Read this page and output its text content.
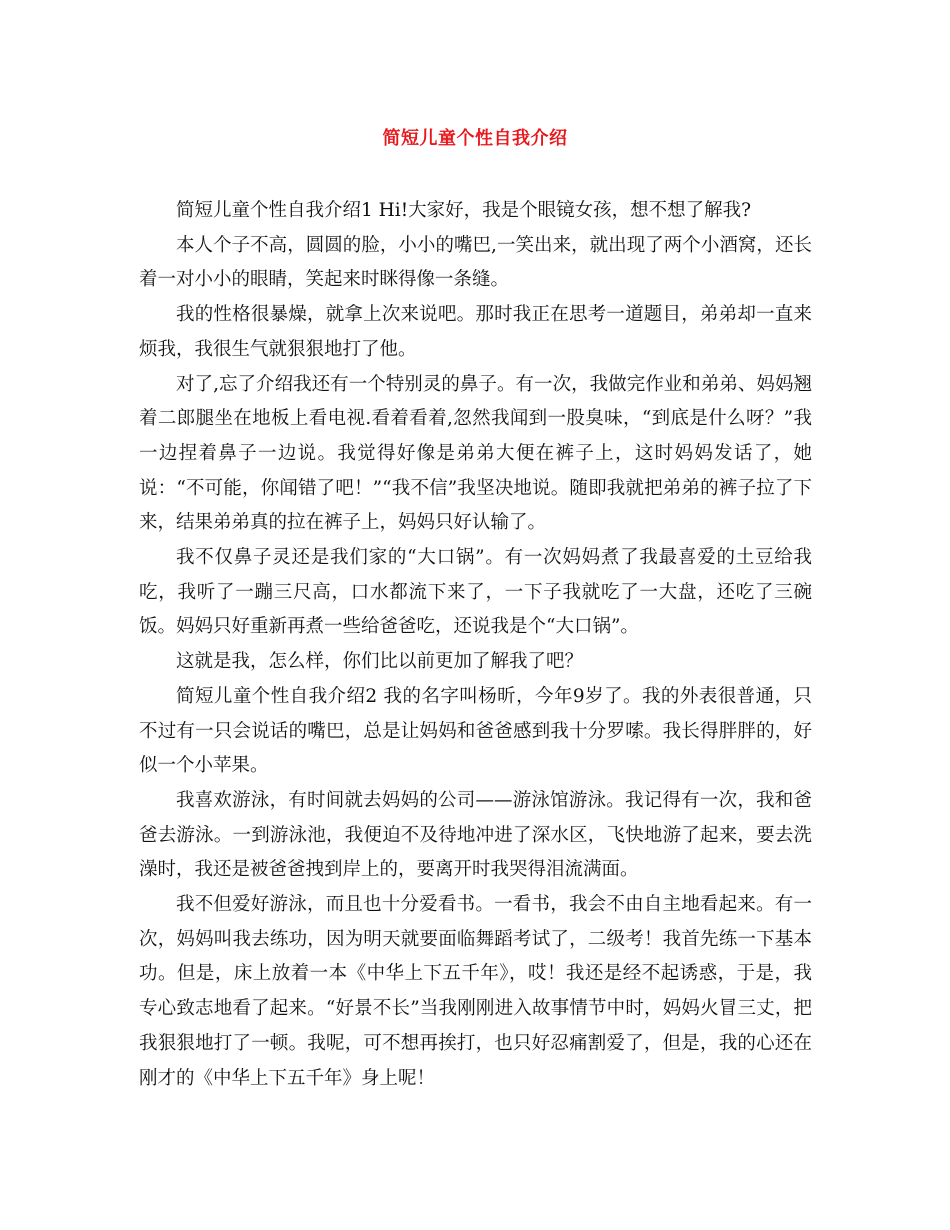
简短儿童个性自我介绍

简短儿童个性自我介绍1 Hi!大家好，我是个眼镜女孩，想不想了解我?

本人个子不高，圆圆的脸，小小的嘴巴,一笑出来，就出现了两个小酒窝，还长着一对小小的眼睛，笑起来时眯得像一条缝。

我的性格很暴燥，就拿上次来说吧。那时我正在思考一道题目，弟弟却一直来烦我，我很生气就狠狠地打了他。

对了,忘了介绍我还有一个特别灵的鼻子。有一次，我做完作业和弟弟、妈妈翘着二郎腿坐在地板上看电视.看着看着,忽然我闻到一股臭味，“到底是什么呀？”我一边捏着鼻子一边说。我觉得好像是弟弟大便在裤子上，这时妈妈发话了，她说：“不可能，你闻错了吧！”“我不信”我坚决地说。随即我就把弟弟的裤子拉了下来，结果弟弟真的拉在裤子上，妈妈只好认输了。

我不仅鼻子灵还是我们家的“大口锅”。有一次妈妈煮了我最喜爱的土豆给我吃，我听了一蹦三尺高，口水都流下来了，一下子我就吃了一大盘，还吃了三碗饭。妈妈只好重新再煮一些给爸爸吃，还说我是个“大口锅”。

这就是我，怎么样，你们比以前更加了解我了吧？

简短儿童个性自我介绍2 我的名字叫杨昕，今年9岁了。我的外表很普通，只不过有一只会说话的嘴巴，总是让妈妈和爸爸感到我十分罗嗦。我长得胖胖的，好似一个小苹果。

我喜欢游泳，有时间就去妈妈的公司——游泳馆游泳。我记得有一次，我和爸爸去游泳。一到游泳池，我便迫不及待地冲进了深水区，飞快地游了起来，要去洗澡时，我还是被爸爸拽到岸上的，要离开时我哭得泪流满面。

我不但爱好游泳，而且也十分爱看书。一看书，我会不由自主地看起来。有一次，妈妈叫我去练功，因为明天就要面临舞蹈考试了，二级考！我首先练一下基本功。但是，床上放着一本《中华上下五千年》，哎！我还是经不起诱惑，于是，我专心致志地看了起来。“好景不长”当我刚刚进入故事情节中时，妈妈火冒三丈，把我狠狠地打了一顿。我呢，可不想再挨打，也只好忍痛割爱了，但是，我的心还在刚才的《中华上下五千年》身上呢！
